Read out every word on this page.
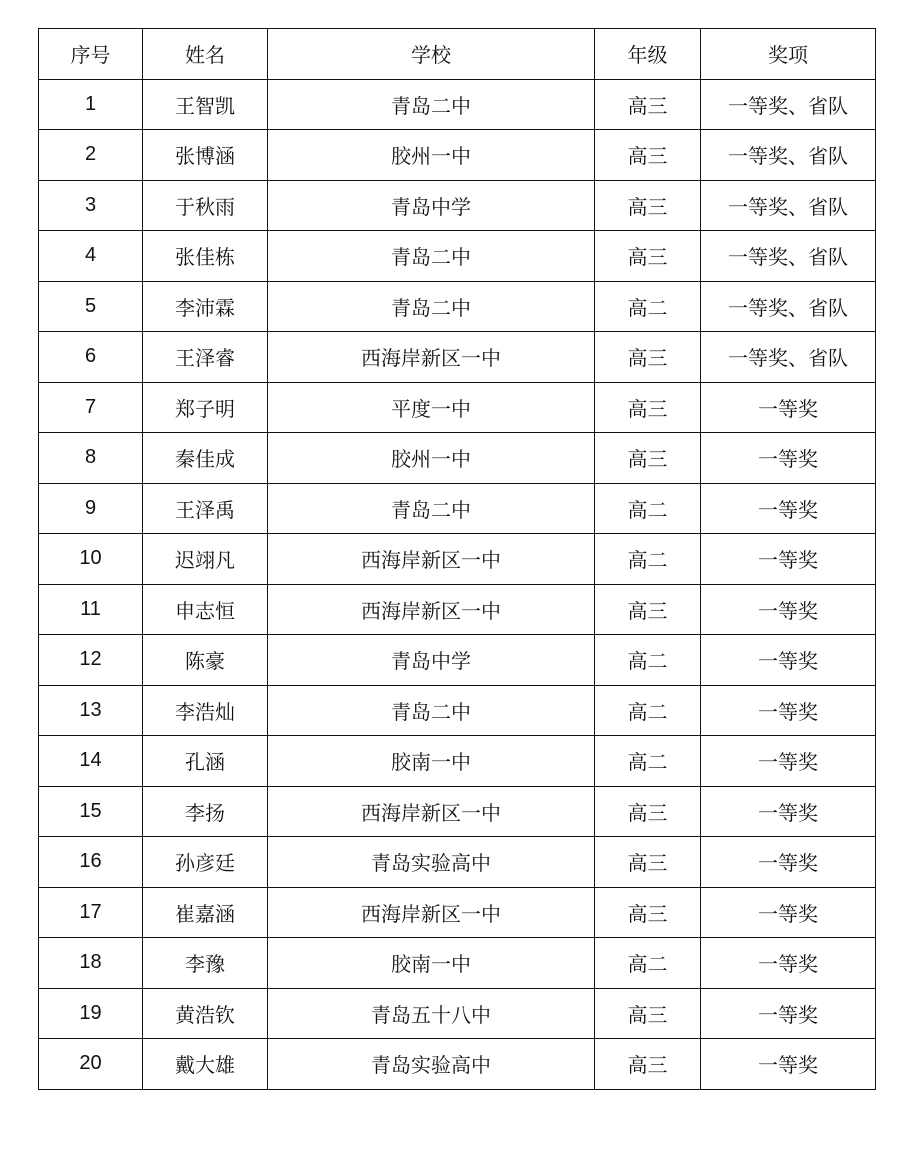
序号	姓名	学校	年级	奖项
1	王智凯	青岛二中	高三	一等奖、省队
2	张博涵	胶州一中	高三	一等奖、省队
3	于秋雨	青岛中学	高三	一等奖、省队
4	张佳栋	青岛二中	高三	一等奖、省队
5	李沛霖	青岛二中	高二	一等奖、省队
6	王泽睿	西海岸新区一中	高三	一等奖、省队
7	郑子明	平度一中	高三	一等奖
8	秦佳成	胶州一中	高三	一等奖
9	王泽禹	青岛二中	高二	一等奖
10	迟翊凡	西海岸新区一中	高二	一等奖
11	申志恒	西海岸新区一中	高三	一等奖
12	陈豪	青岛中学	高二	一等奖
13	李浩灿	青岛二中	高二	一等奖
14	孔涵	胶南一中	高二	一等奖
15	李扬	西海岸新区一中	高三	一等奖
16	孙彦廷	青岛实验高中	高三	一等奖
17	崔嘉涵	西海岸新区一中	高三	一等奖
18	李豫	胶南一中	高二	一等奖
19	黄浩钦	青岛五十八中	高三	一等奖
20	戴大雄	青岛实验高中	高三	一等奖
